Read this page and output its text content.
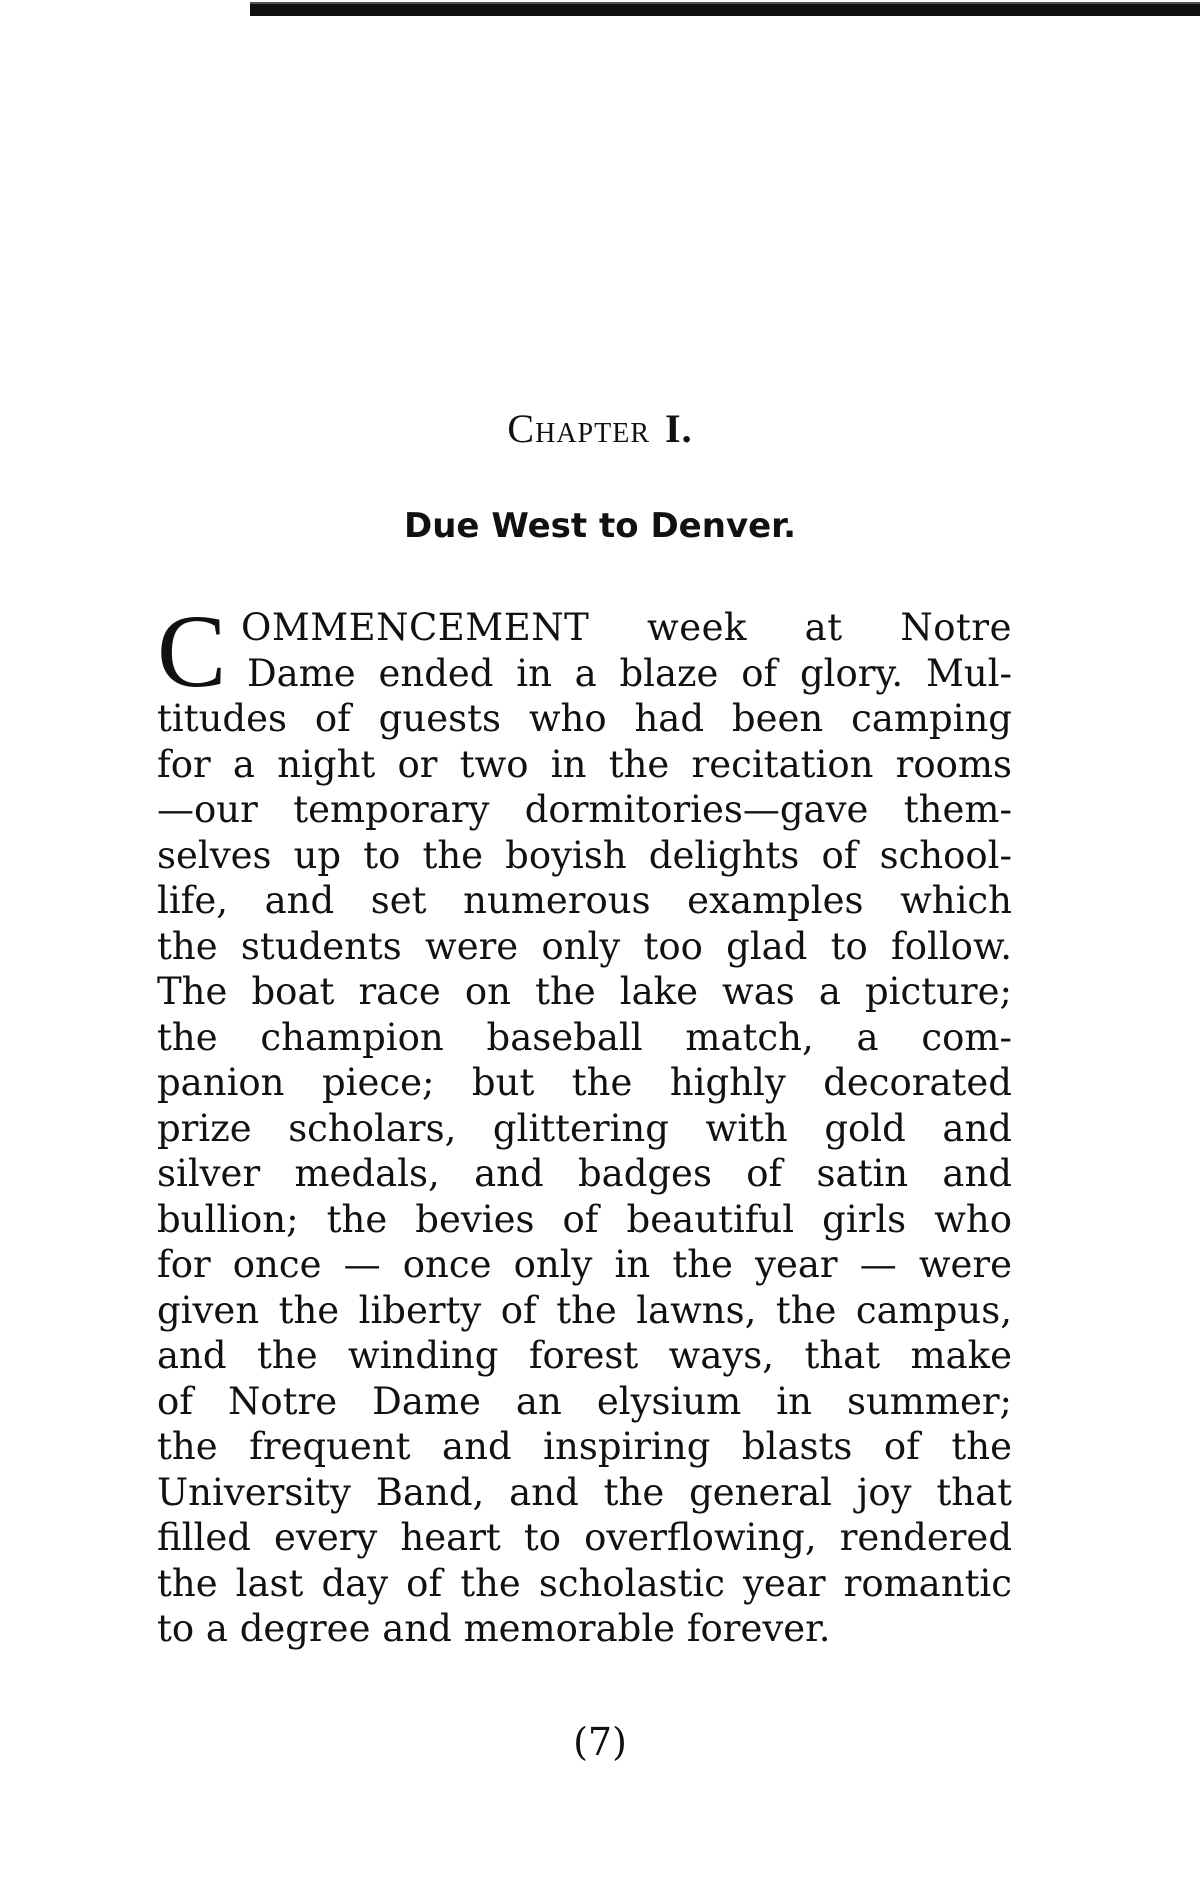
Chapter I.
Due West to Denver.
C OMMENCEMENT week at Notre
Dame ended in a blaze of glory. Mul-
titudes of guests who had been camping
for a night or two in the recitation rooms
—our temporary dormitories—gave them-
selves up to the boyish delights of school-
life, and set numerous examples which
the students were only too glad to follow.
The boat race on the lake was a picture;
the champion baseball match, a com-
panion piece; but the highly decorated
prize scholars, glittering with gold and
silver medals, and badges of satin and
bullion; the bevies of beautiful girls who
for once — once only in the year — were
given the liberty of the lawns, the campus,
and the winding forest ways, that make
of Notre Dame an elysium in summer;
the frequent and inspiring blasts of the
University Band, and the general joy that
filled every heart to overflowing, rendered
the last day of the scholastic year romantic
to a degree and memorable forever.
(7)
